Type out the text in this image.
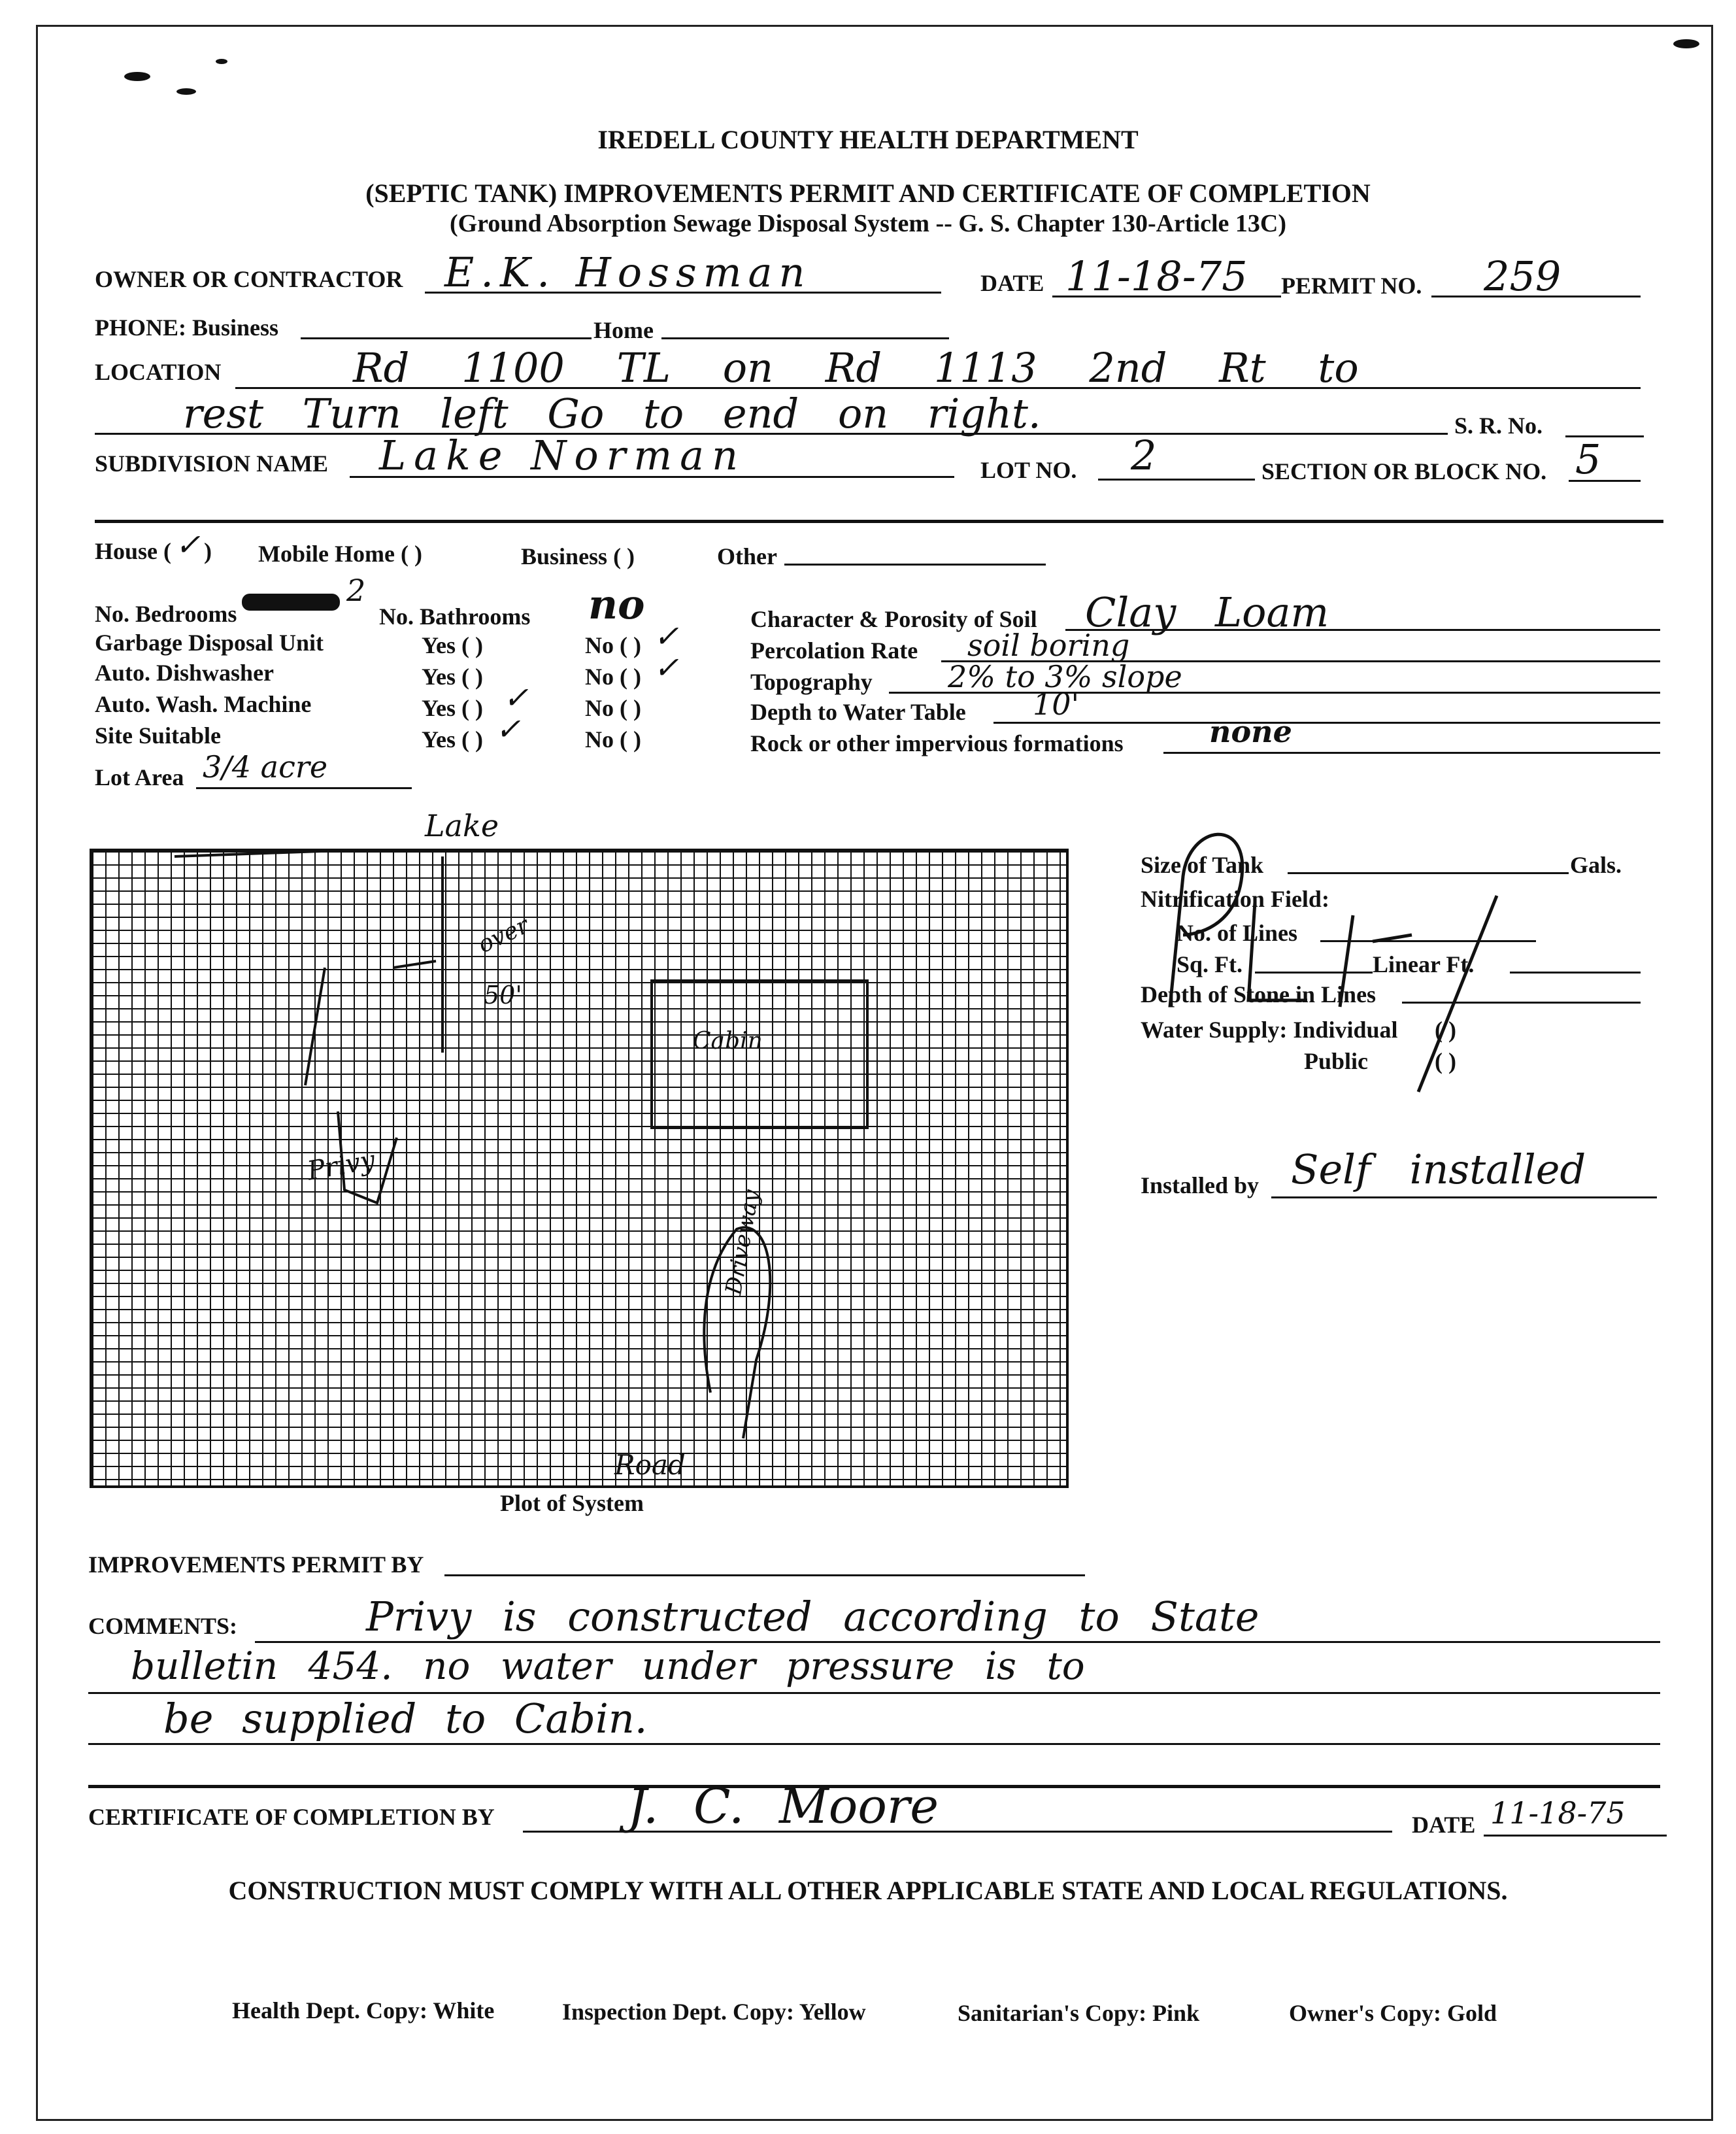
IREDELL COUNTY HEALTH DEPARTMENT
(SEPTIC TANK) IMPROVEMENTS PERMIT AND CERTIFICATE OF COMPLETION
(Ground Absorption Sewage Disposal System -- G. S. Chapter 130-Article 13C)
OWNER OR CONTRACTOR E.K. Hossman	DATE 11-18-75 PERMIT NO. 259
PHONE: Business	Home
LOCATION	Rd 1100 TL on Rd 1113 2nd Rt to
rest Turn left Go to end on right.	S. R. No.
SUBDIVISION NAME Lake Norman	LOT NO. 2	SECTION OR BLOCK NO. 5
House ( ✓ ) Mobile Home ( )	Business ( )	Other
No. Bedrooms
2
No. Bathrooms no
Garbage Disposal Unit	Yes ( )	No ( ) ✓
Auto. Dishwasher	Yes ( )	No ( ) ✓
Auto. Wash. Machine	Yes ( ) ✓ No ( )
Site Suitable	Yes ( ) ✓	No ( )
Lot Area 3/4 acre
Character & Porosity of Soil Clay Loam
Percolation Rate soil boring
Topography	2% to 3% slope
Depth to Water Table 10'
Rock or other impervious formations	none
Lake
over
50'
Cabin
Privy
Driveway
Road
Plot of System
Size of Tank	Gals.
Nitrification Field:
No. of Lines
Sq. Ft.	Linear Ft.
Depth of Stone in Lines
Water Supply: Individual ( )
Public	( )
Installed by Self installed
IMPROVEMENTS PERMIT BY
COMMENTS:	Privy is constructed according to State
bulletin 454. no water under pressure is to
be supplied to Cabin.
CERTIFICATE OF COMPLETION BY	J. C. Moore	DATE 11-18-75
CONSTRUCTION MUST COMPLY WITH ALL OTHER APPLICABLE STATE AND LOCAL REGULATIONS.
Health Dept. Copy: White	Inspection Dept. Copy: Yellow	Sanitarian's Copy: Pink	Owner's Copy: Gold
